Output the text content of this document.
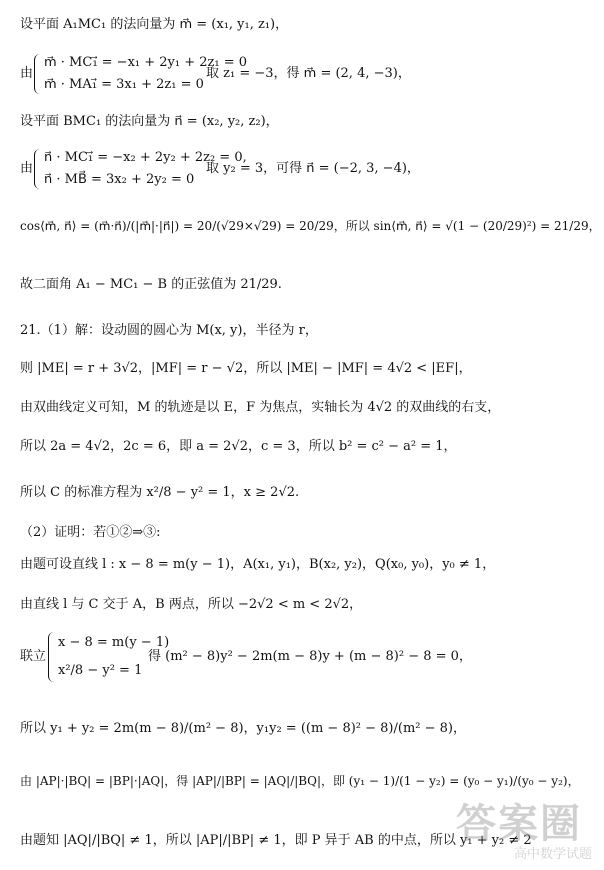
设平面 A₁MC₁ 的法向量为 m⃗ = (x₁, y₁, z₁)，
由
m⃗ · MC₁⃗ = −x₁ + 2y₁ + 2z₁ = 0
m⃗ · MA₁⃗ = 3x₁ + 2z₁ = 0
取 z₁ = −3，得 m⃗ = (2, 4, −3)，
设平面 BMC₁ 的法向量为 n⃗ = (x₂, y₂, z₂)，
由
n⃗ · MC₁⃗ = −x₂ + 2y₂ + 2z₂ = 0,
n⃗ · MB⃗ = 3x₂ + 2y₂ = 0
取 y₂ = 3，可得 n⃗ = (−2, 3, −4)，
cos⟨m⃗, n⃗⟩ = (m⃗·n⃗)/(|m⃗|·|n⃗|) = 20/(√29×√29) = 20/29，所以 sin⟨m⃗, n⃗⟩ = √(1 − (20/29)²) = 21/29，
故二面角 A₁ − MC₁ − B 的正弦值为 21/29.
21.（1）解：设动圆的圆心为 M(x, y)，半径为 r，
则 |ME| = r + 3√2，|MF| = r − √2，所以 |ME| − |MF| = 4√2 < |EF|，
由双曲线定义可知，M 的轨迹是以 E，F 为焦点，实轴长为 4√2 的双曲线的右支，
所以 2a = 4√2，2c = 6，即 a = 2√2，c = 3，所以 b² = c² − a² = 1，
所以 C 的标准方程为 x²/8 − y² = 1，x ≥ 2√2.
（2）证明：若①②⇒③:
由题可设直线 l : x − 8 = m(y − 1)，A(x₁, y₁)，B(x₂, y₂)，Q(x₀, y₀)，y₀ ≠ 1，
由直线 l 与 C 交于 A，B 两点，所以 −2√2 < m < 2√2，
联立
x − 8 = m(y − 1)
x²/8 − y² = 1
得 (m² − 8)y² − 2m(m − 8)y + (m − 8)² − 8 = 0，
所以 y₁ + y₂ = 2m(m − 8)/(m² − 8)，y₁y₂ = ((m − 8)² − 8)/(m² − 8)，
由 |AP|·|BQ| = |BP|·|AQ|，得 |AP|/|BP| = |AQ|/|BQ|，即 (y₁ − 1)/(1 − y₂) = (y₀ − y₁)/(y₀ − y₂)，
由题知 |AQ|/|BQ| ≠ 1，所以 |AP|/|BP| ≠ 1，即 P 异于 AB 的中点，所以 y₁ + y₂ ≠ 2
答案圈
高中数学试题
